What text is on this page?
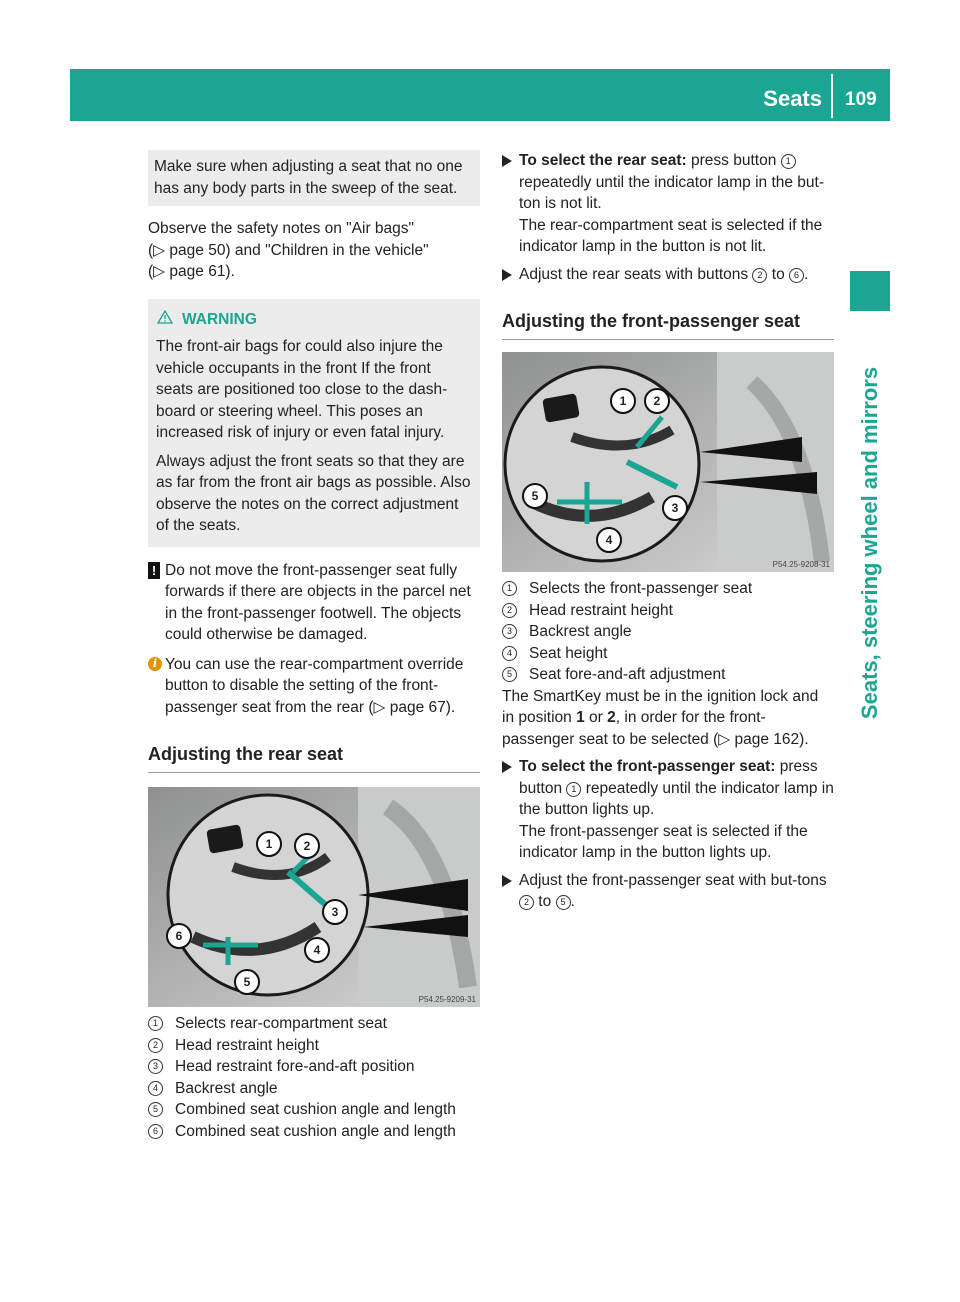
Seats 109
Seats, steering wheel and mirrors

Make sure when adjusting a seat that no one has any body parts in the sweep of the seat.

Observe the safety notes on "Air bags"
(▷ page 50) and "Children in the vehicle"
(▷ page 61).

WARNING

The front-air bags for could also injure the vehicle occupants in the front If the front seats are positioned too close to the dash-board or steering wheel. This poses an increased risk of injury or even fatal injury.

Always adjust the front seats so that they are as far from the front air bags as possible. Also observe the notes on the correct adjustment of the seats.

! Do not move the front-passenger seat fully forwards if there are objects in the parcel net in the front-passenger footwell. The objects could otherwise be damaged.
i You can use the rear-compartment override button to disable the setting of the front-passenger seat from the rear (▷ page 67).
Adjusting the rear seat
1	2
3
4
5
6
P54.25-9209-31
1	Selects rear-compartment seat
2	Head restraint height
3	Head restraint fore-and-aft position
4	Backrest angle
5	Combined seat cushion angle and length
6	Combined seat cushion angle and length
To select the rear seat: press button 1 repeatedly until the indicator lamp in the but-ton is not lit.
The rear-compartment seat is selected if the indicator lamp in the button is not lit.
Adjust the rear seats with buttons 2 to 6 .
Adjusting the front-passenger seat
1	2
3
4
5
P54.25-9208-31
1	Selects the front-passenger seat
2	Head restraint height
3	Backrest angle
4	Seat height
5	Seat fore-and-aft adjustment

The SmartKey must be in the ignition lock and in position 1 or 2, in order for the front-passenger seat to be selected (▷ page 162).

To select the front-passenger seat: press button 1 repeatedly until the indicator lamp in the button lights up.
The front-passenger seat is selected if the indicator lamp in the button lights up.
Adjust the front-passenger seat with but-tons 2 to 5 .
